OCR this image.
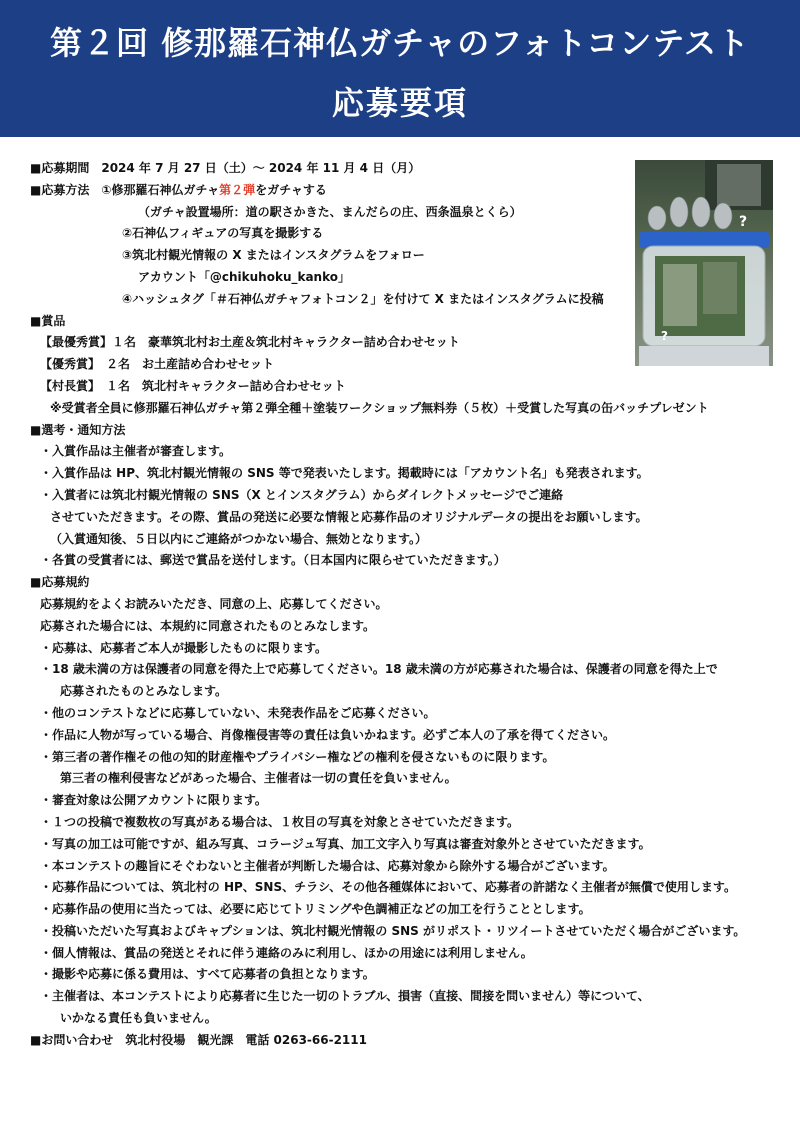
第２回 修那羅石神仏ガチャのフォトコンテスト
応募要項
?
?
■応募期間　 2024 年 7 月 27 日（土）～ 2024 年 11 月 4 日（月）
■応募方法　 ①修那羅石神仏ガチャ第２弾をガチャする
（ガチャ設置場所：道の駅さかきた、まんだらの庄、西条温泉とくら）
②石神仏フィギュアの写真を撮影する
③筑北村観光情報の X またはインスタグラムをフォロー
アカウント「@chikuhoku_kanko」
④ハッシュタグ「＃石神仏ガチャフォトコン２」を付けて X またはインスタグラムに投稿
■賞品
【最優秀賞】１名　豪華筑北村お土産＆筑北村キャラクター詰め合わせセット
【優秀賞】　２名　お土産詰め合わせセット
【村長賞】　１名　筑北村キャラクター詰め合わせセット
※受賞者全員に修那羅石神仏ガチャ第２弾全種＋塗装ワークショップ無料券（５枚）＋受賞した写真の缶バッチプレゼント
■選考・通知方法
・入賞作品は主催者が審査します。
・入賞作品は HP、筑北村観光情報の SNS 等で発表いたします。掲載時には「アカウント名」も発表されます。
・入賞者には筑北村観光情報の SNS（X とインスタグラム）からダイレクトメッセージでご連絡
させていただきます。その際、賞品の発送に必要な情報と応募作品のオリジナルデータの提出をお願いします。
（入賞通知後、５日以内にご連絡がつかない場合、無効となります。）
・各賞の受賞者には、郵送で賞品を送付します。（日本国内に限らせていただきます。）
■応募規約
応募規約をよくお読みいただき、同意の上、応募してください。
応募された場合には、本規約に同意されたものとみなします。
・応募は、応募者ご本人が撮影したものに限ります。
・18 歳未満の方は保護者の同意を得た上で応募してください。18 歳未満の方が応募された場合は、保護者の同意を得た上で
応募されたものとみなします。
・他のコンテストなどに応募していない、未発表作品をご応募ください。
・作品に人物が写っている場合、肖像権侵害等の責任は負いかねます。必ずご本人の了承を得てください。
・第三者の著作権その他の知的財産権やプライバシー権などの権利を侵さないものに限ります。
第三者の権利侵害などがあった場合、主催者は一切の責任を負いません。
・審査対象は公開アカウントに限ります。
・１つの投稿で複数枚の写真がある場合は、１枚目の写真を対象とさせていただきます。
・写真の加工は可能ですが、組み写真、コラージュ写真、加工文字入り写真は審査対象外とさせていただきます。
・本コンテストの趣旨にそぐわないと主催者が判断した場合は、応募対象から除外する場合がございます。
・応募作品については、筑北村の HP、SNS、チラシ、その他各種媒体において、応募者の許諾なく主催者が無償で使用します。
・応募作品の使用に当たっては、必要に応じてトリミングや色調補正などの加工を行うこととします。
・投稿いただいた写真およびキャプションは、筑北村観光情報の SNS がリポスト・リツイートさせていただく場合がございます。
・個人情報は、賞品の発送とそれに伴う連絡のみに利用し、ほかの用途には利用しません。
・撮影や応募に係る費用は、すべて応募者の負担となります。
・主催者は、本コンテストにより応募者に生じた一切のトラブル、損害（直接、間接を問いません）等について、
いかなる責任も負いません。
■お問い合わせ　筑北村役場　観光課　電話 0263-66-2111
